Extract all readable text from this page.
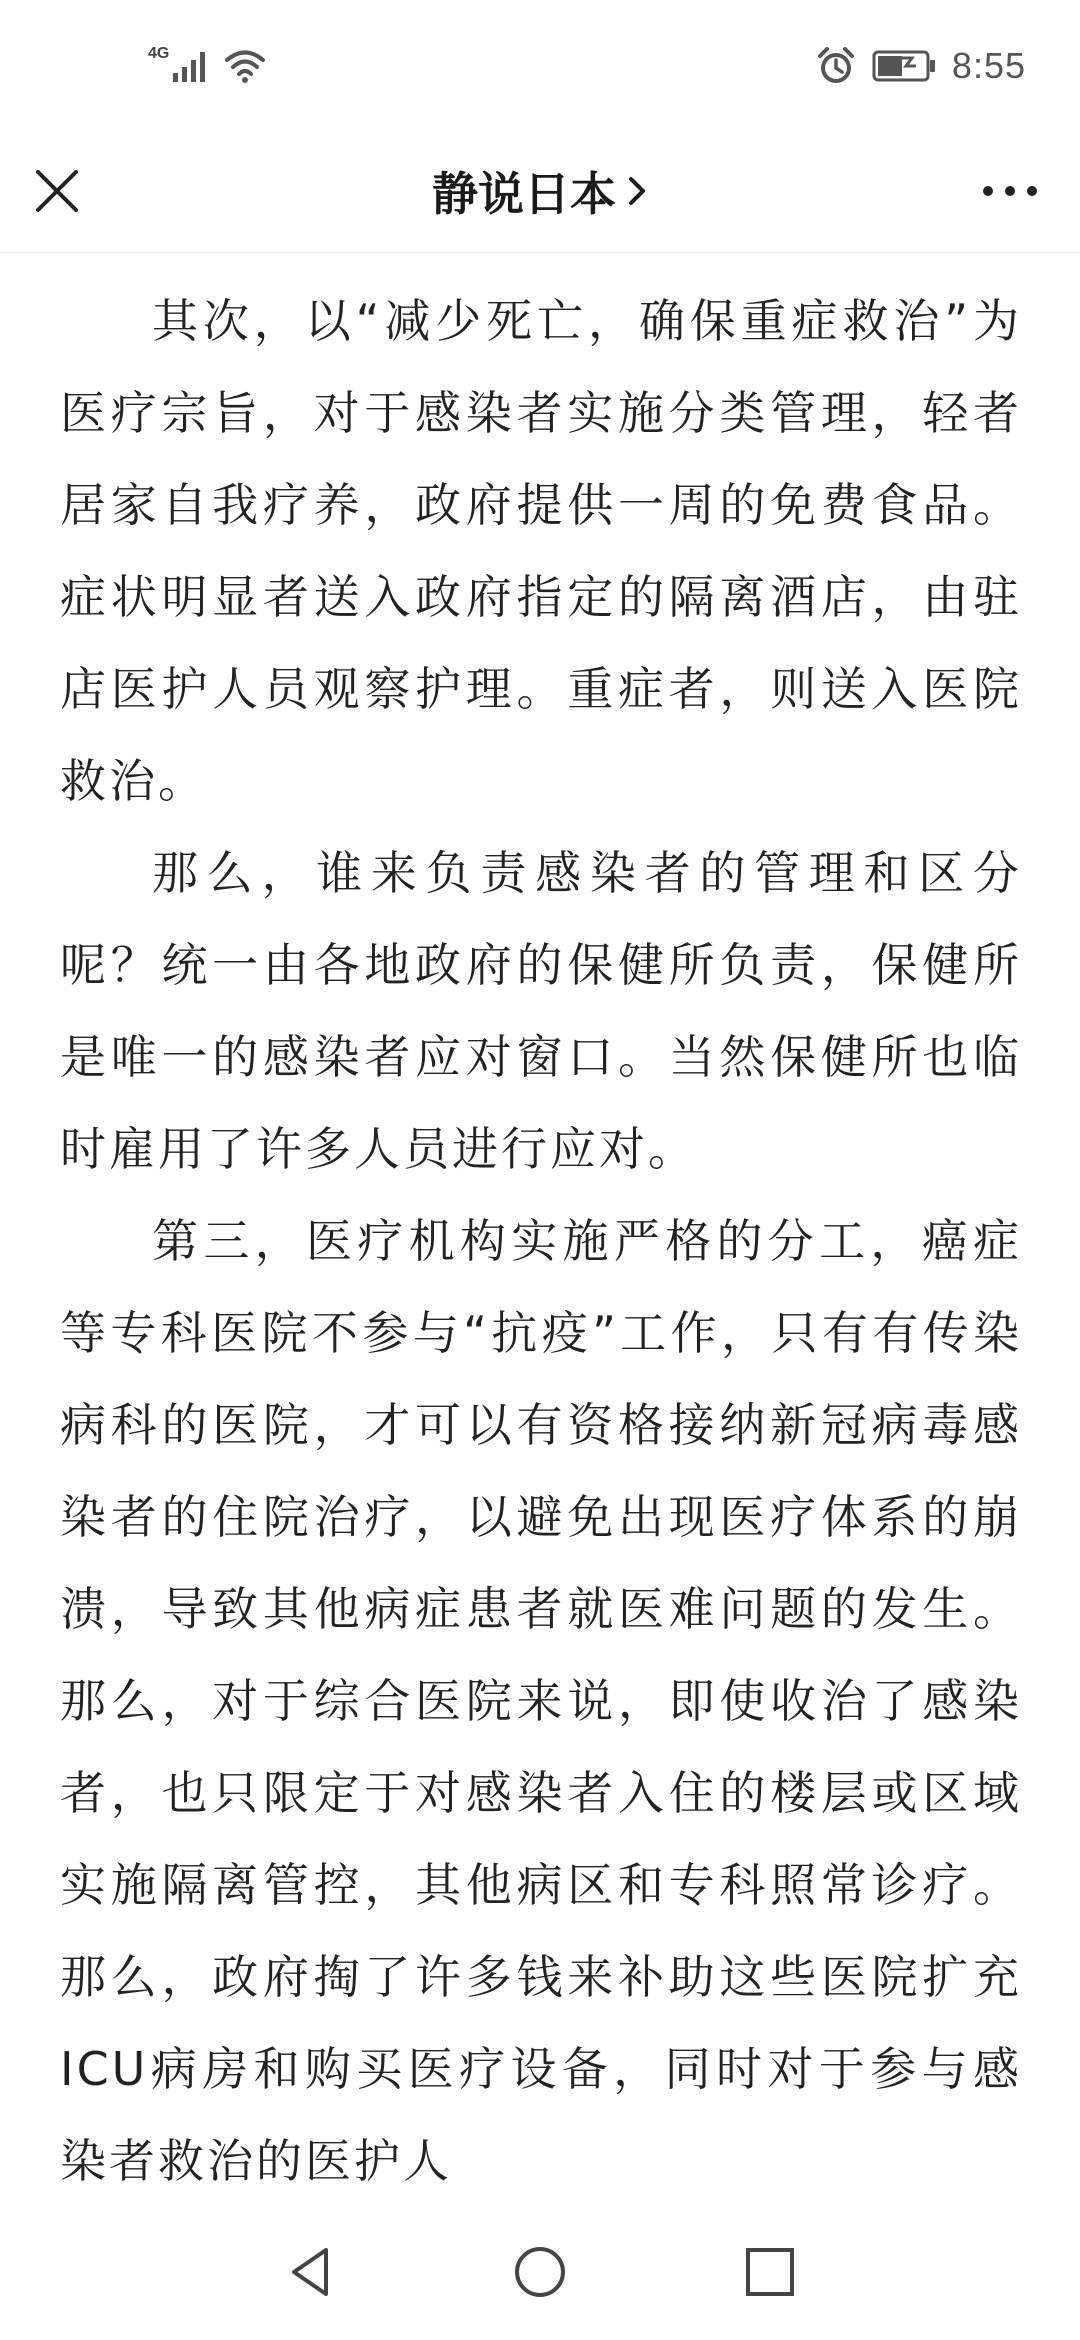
4G	8:55
静说日本

其次，以“减少死亡，确保重症救治”为医疗宗旨，对于感染者实施分类管理，轻者居家自我疗养，政府提供一周的免费食品。症状明显者送入政府指定的隔离酒店，由驻店医护人员观察护理。重症者，则送入医院救治。

那么，谁来负责感染者的管理和区分呢？统一由各地政府的保健所负责，保健所是唯一的感染者应对窗口。当然保健所也临时雇用了许多人员进行应对。

第三，医疗机构实施严格的分工，癌症等专科医院不参与“抗疫”工作，只有有传染病科的医院，才可以有资格接纳新冠病毒感染者的住院治疗，以避免出现医疗体系的崩溃，导致其他病症患者就医难问题的发生。那么，对于综合医院来说，即使收治了感染者，也只限定于对感染者入住的楼层或区域实施隔离管控，其他病区和专科照常诊疗。那么，政府掏了许多钱来补助这些医院扩充ICU病房和购买医疗设备，同时对于参与感染者救治的医护人
